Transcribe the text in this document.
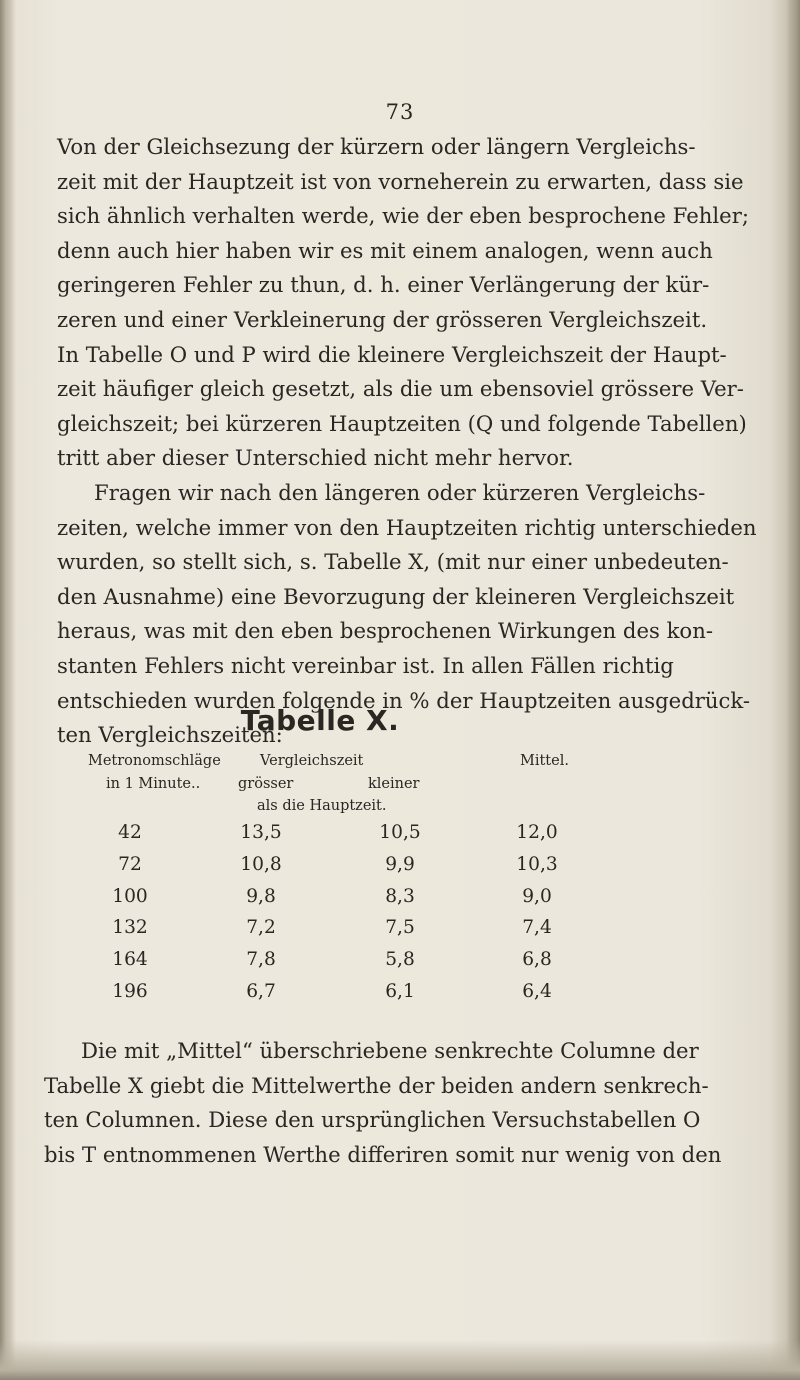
73
Von der Gleichsezung der kürzern oder längern Vergleichs-
zeit mit der Hauptzeit ist von vorneherein zu erwarten, dass sie
sich ähnlich verhalten werde, wie der eben besprochene Fehler;
denn auch hier haben wir es mit einem analogen, wenn auch
geringeren Fehler zu thun, d. h. einer Verlängerung der kür-
zeren und einer Verkleinerung der grösseren Vergleichszeit.
In Tabelle O und P wird die kleinere Vergleichszeit der Haupt-
zeit häufiger gleich gesetzt, als die um ebensoviel grössere Ver-
gleichszeit; bei kürzeren Hauptzeiten (Q und folgende Tabellen)
tritt aber dieser Unterschied nicht mehr hervor.
Fragen wir nach den längeren oder kürzeren Vergleichs-
zeiten, welche immer von den Hauptzeiten richtig unterschieden
wurden, so stellt sich, s. Tabelle X, (mit nur einer unbedeuten-
den Ausnahme) eine Bevorzugung der kleineren Vergleichszeit
heraus, was mit den eben besprochenen Wirkungen des kon-
stanten Fehlers nicht vereinbar ist. In allen Fällen richtig
entschieden wurden folgende in % der Hauptzeiten ausgedrück-
ten Vergleichszeiten:
Tabelle X.
Metronomschläge
in 1 Minute..
Vergleichszeit
grösser	kleiner
als die Hauptzeit.
Mittel.
42	13,5	10,5	12,0
72	10,8	9,9	10,3
100	9,8	8,3	9,0
132	7,2	7,5	7,4
164	7,8	5,8	6,8
196	6,7	6,1	6,4
Die mit „Mittel“ überschriebene senkrechte Columne der
Tabelle X giebt die Mittelwerthe der beiden andern senkrech-
ten Columnen. Diese den ursprünglichen Versuchstabellen O
bis T entnommenen Werthe differiren somit nur wenig von den
